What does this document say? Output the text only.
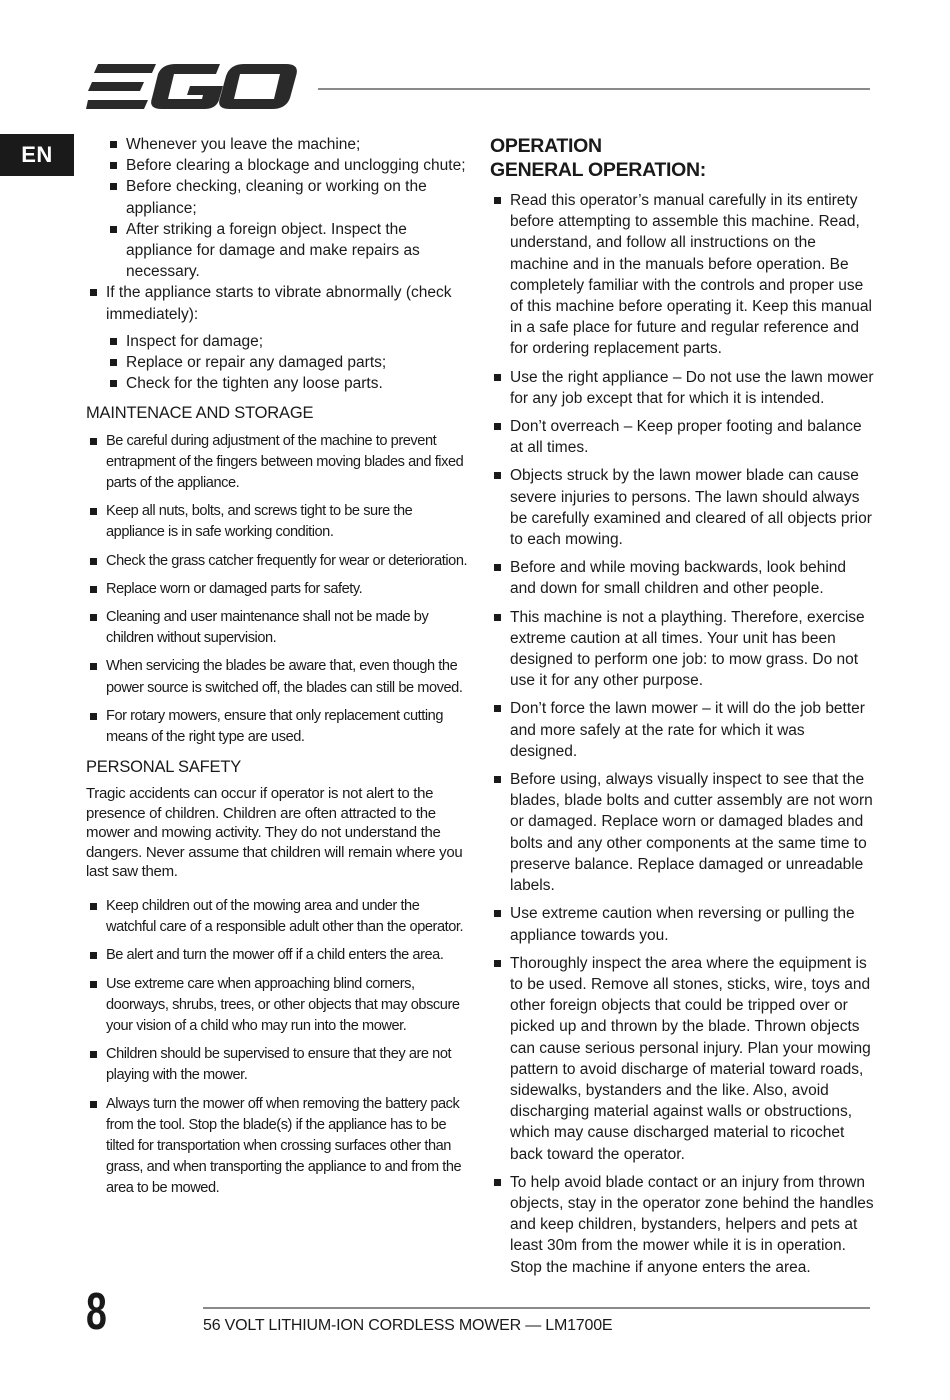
EN	Whenever you leave the machine;
Before clearing a blockage and unclogging chute;
Before checking, cleaning or working on the appliance;
After striking a foreign object. Inspect the appliance for damage and make repairs as necessary.
If the appliance starts to vibrate abnormally (check immediately):
Inspect for damage;
Replace or repair any damaged parts;
Check for the tighten any loose parts.
MAINTENACE AND STORAGE
Be careful during adjustment of the machine to prevent entrapment of the fingers between moving blades and fixed parts of the appliance.
Keep all nuts, bolts, and screws tight to be sure the appliance is in safe working condition.
Check the grass catcher frequently for wear or deterioration.
Replace worn or damaged parts for safety.
Cleaning and user maintenance shall not be made by children without supervision.
When servicing the blades be aware that, even though the power source is switched off, the blades can still be moved.
For rotary mowers, ensure that only replacement cutting means of the right type are used.
PERSONAL SAFETY

Tragic accidents can occur if operator is not alert to the presence of children. Children are often attracted to the mower and mowing activity. They do not understand the dangers. Never assume that children will remain where you last saw them.

Keep children out of the mowing area and under the watchful care of a responsible adult other than the operator.
Be alert and turn the mower off if a child enters the area.
Use extreme care when approaching blind corners, doorways, shrubs, trees, or other objects that may obscure your vision of a child who may run into the mower.
Children should be supervised to ensure that they are not playing with the mower.
Always turn the mower off when removing the battery pack from the tool. Stop the blade(s) if the appliance has to be tilted for transportation when crossing surfaces other than grass, and when transporting the appliance to and from the area to be mowed.
OPERATION
GENERAL OPERATION:
Read this operator’s manual carefully in its entirety before attempting to assemble this machine. Read, understand, and follow all instructions on the machine and in the manuals before operation. Be completely familiar with the controls and proper use of this machine before operating it. Keep this manual in a safe place for future and regular reference and for ordering replacement parts.
Use the right appliance – Do not use the lawn mower for any job except that for which it is intended.
Don’t overreach – Keep proper footing and balance at all times.
Objects struck by the lawn mower blade can cause severe injuries to persons. The lawn should always be carefully examined and cleared of all objects prior to each mowing.
Before and while moving backwards, look behind and down for small children and other people.
This machine is not a plaything. Therefore, exercise extreme caution at all times. Your unit has been designed to perform one job: to mow grass. Do not use it for any other purpose.
Don’t force the lawn mower – it will do the job better and more safely at the rate for which it was designed.
Before using, always visually inspect to see that the blades, blade bolts and cutter assembly are not worn or damaged. Replace worn or damaged blades and bolts and any other components at the same time to preserve balance. Replace damaged or unreadable labels.
Use extreme caution when reversing or pulling the appliance towards you.
Thoroughly inspect the area where the equipment is to be used. Remove all stones, sticks, wire, toys and other foreign objects that could be tripped over or picked up and thrown by the blade. Thrown objects can cause serious personal injury. Plan your mowing pattern to avoid discharge of material toward roads, sidewalks, bystanders and the like. Also, avoid discharging material against walls or obstructions, which may cause discharged material to ricochet back toward the operator.
To help avoid blade contact or an injury from thrown objects, stay in the operator zone behind the handles and keep children, bystanders, helpers and pets at least 30m from the mower while it is in operation. Stop the machine if anyone enters the area.
8	56 VOLT LITHIUM-ION CORDLESS MOWER — LM1700E
